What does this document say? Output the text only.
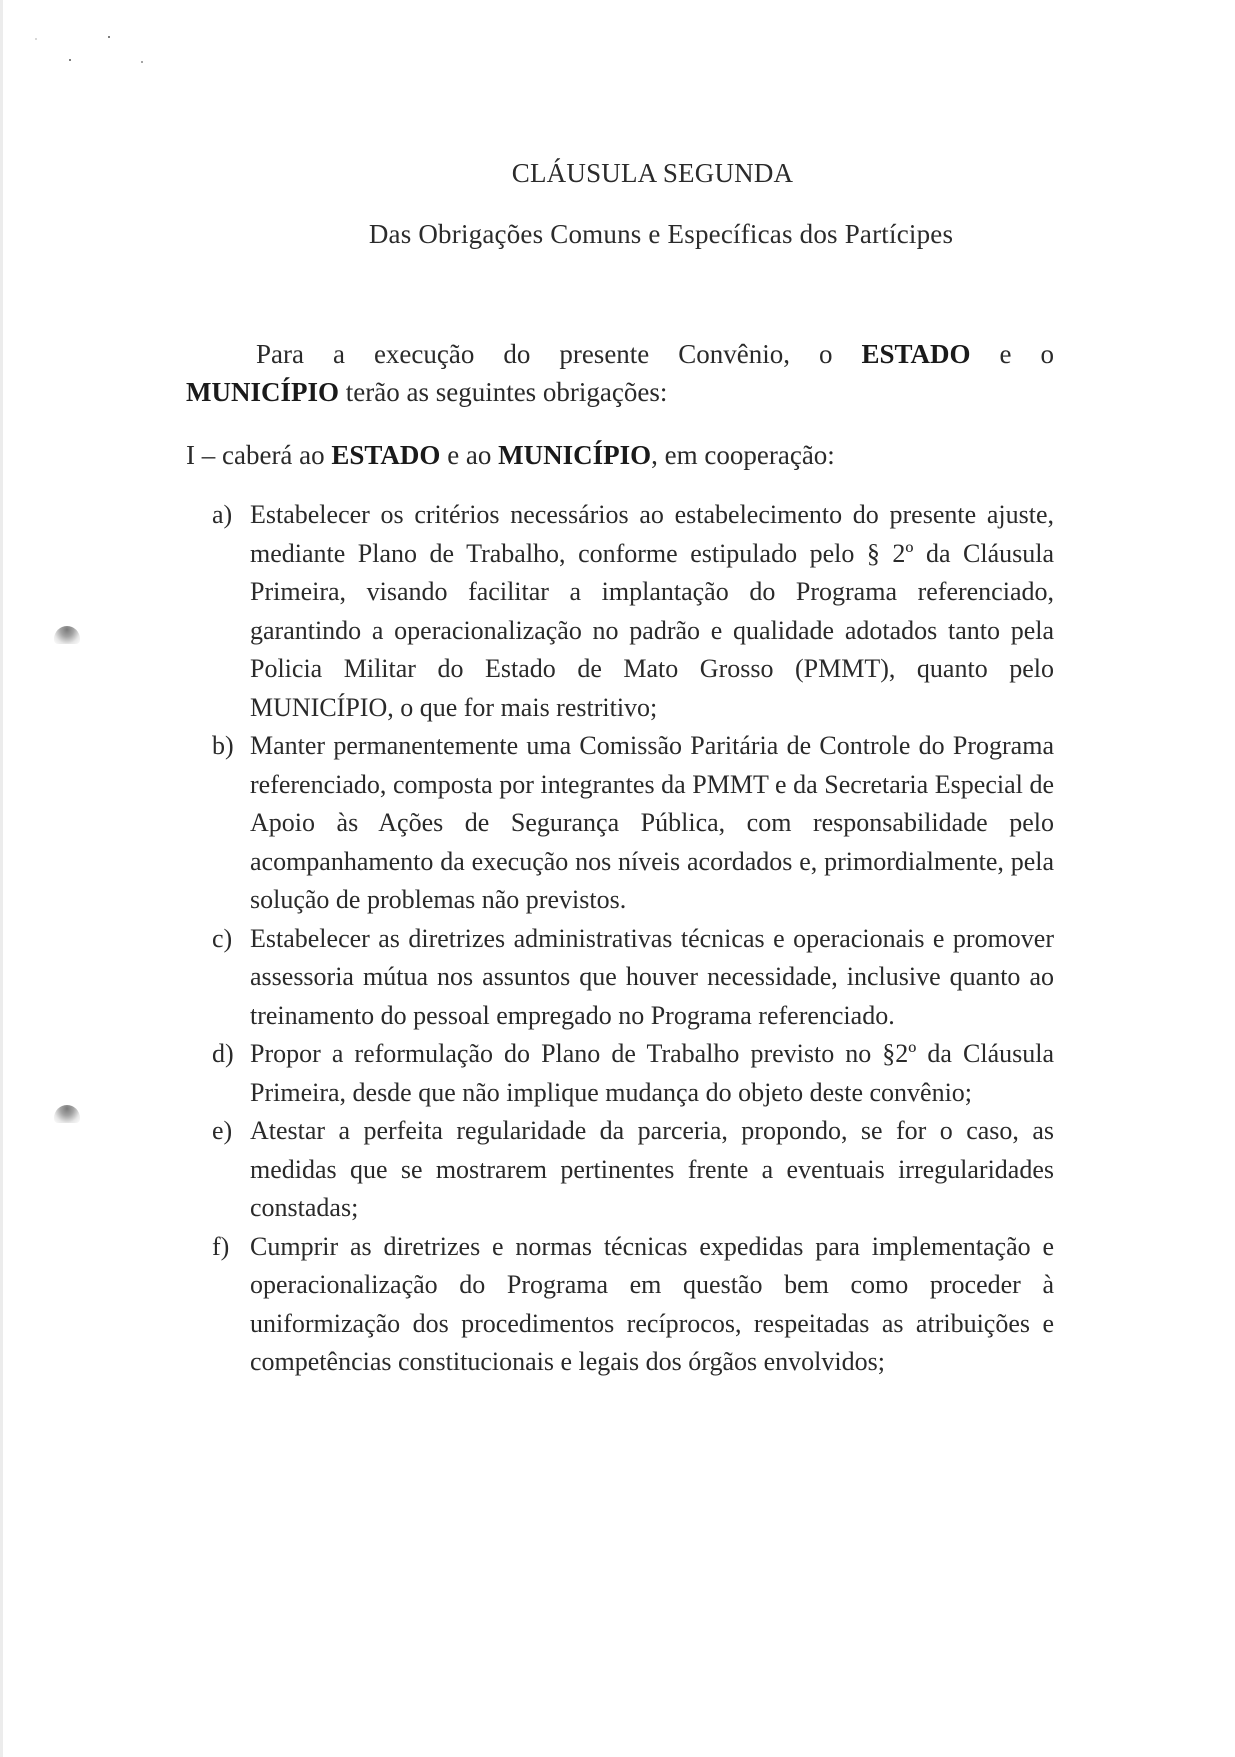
CLÁUSULA SEGUNDA
Das Obrigações Comuns e Específicas dos Partícipes
Para a execução do presente Convênio, o ESTADO e o
MUNICÍPIO terão as seguintes obrigações:
I – caberá ao ESTADO e ao MUNICÍPIO, em cooperação:
a) Estabelecer os critérios necessários ao estabelecimento do presente ajuste, mediante Plano de Trabalho, conforme estipulado pelo § 2º da Cláusula Primeira, visando facilitar a implantação do Programa referenciado, garantindo a operacionalização no padrão e qualidade adotados tanto pela Policia Militar do Estado de Mato Grosso (PMMT), quanto pelo MUNICÍPIO, o que for mais restritivo;
b) Manter permanentemente uma Comissão Paritária de Controle do Programa referenciado, composta por integrantes da PMMT e da Secretaria Especial de Apoio às Ações de Segurança Pública, com responsabilidade pelo acompanhamento da execução nos níveis acordados e, primordialmente, pela solução de problemas não previstos.
c) Estabelecer as diretrizes administrativas técnicas e operacionais e promover assessoria mútua nos assuntos que houver necessidade, inclusive quanto ao treinamento do pessoal empregado no Programa referenciado.
d) Propor a reformulação do Plano de Trabalho previsto no §2º da Cláusula Primeira, desde que não implique mudança do objeto deste convênio;
e) Atestar a perfeita regularidade da parceria, propondo, se for o caso, as medidas que se mostrarem pertinentes frente a eventuais irregularidades constadas;
f) Cumprir as diretrizes e normas técnicas expedidas para implementação e operacionalização do Programa em questão bem como proceder à uniformização dos procedimentos recíprocos, respeitadas as atribuições e competências constitucionais e legais dos órgãos envolvidos;
